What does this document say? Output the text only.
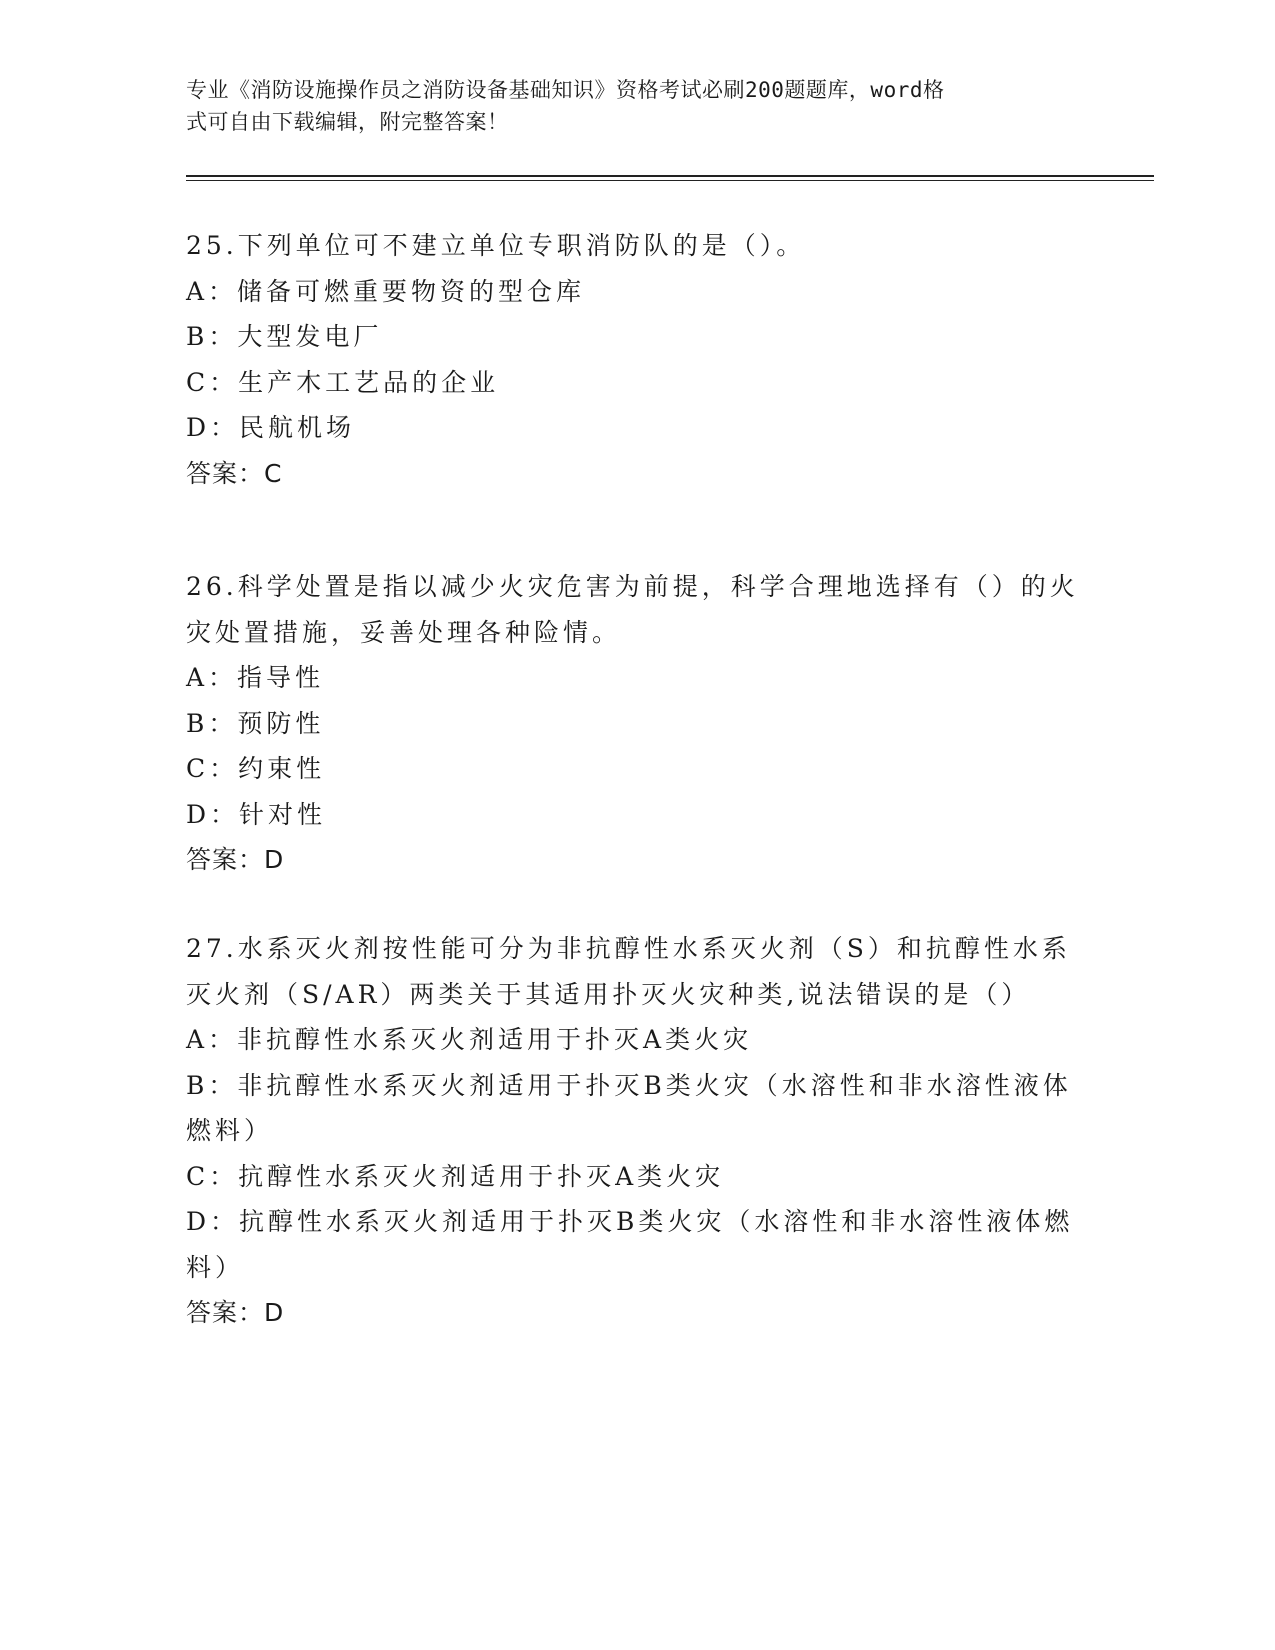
专业《消防设施操作员之消防设备基础知识》资格考试必刷200题题库，word格
式可自由下载编辑，附完整答案！
25.下列单位可不建立单位专职消防队的是（）。
A：储备可燃重要物资的型仓库
B：大型发电厂
C：生产木工艺品的企业
D：民航机场
答案：C
26.科学处置是指以减少火灾危害为前提，科学合理地选择有（）的火
灾处置措施，妥善处理各种险情。
A：指导性
B：预防性
C：约束性
D：针对性
答案：D
27.水系灭火剂按性能可分为非抗醇性水系灭火剂（S）和抗醇性水系
灭火剂（S/AR）两类关于其适用扑灭火灾种类,说法错误的是（）
A：非抗醇性水系灭火剂适用于扑灭A类火灾
B：非抗醇性水系灭火剂适用于扑灭B类火灾（水溶性和非水溶性液体
燃料）
C：抗醇性水系灭火剂适用于扑灭A类火灾
D：抗醇性水系灭火剂适用于扑灭B类火灾（水溶性和非水溶性液体燃
料）
答案：D
